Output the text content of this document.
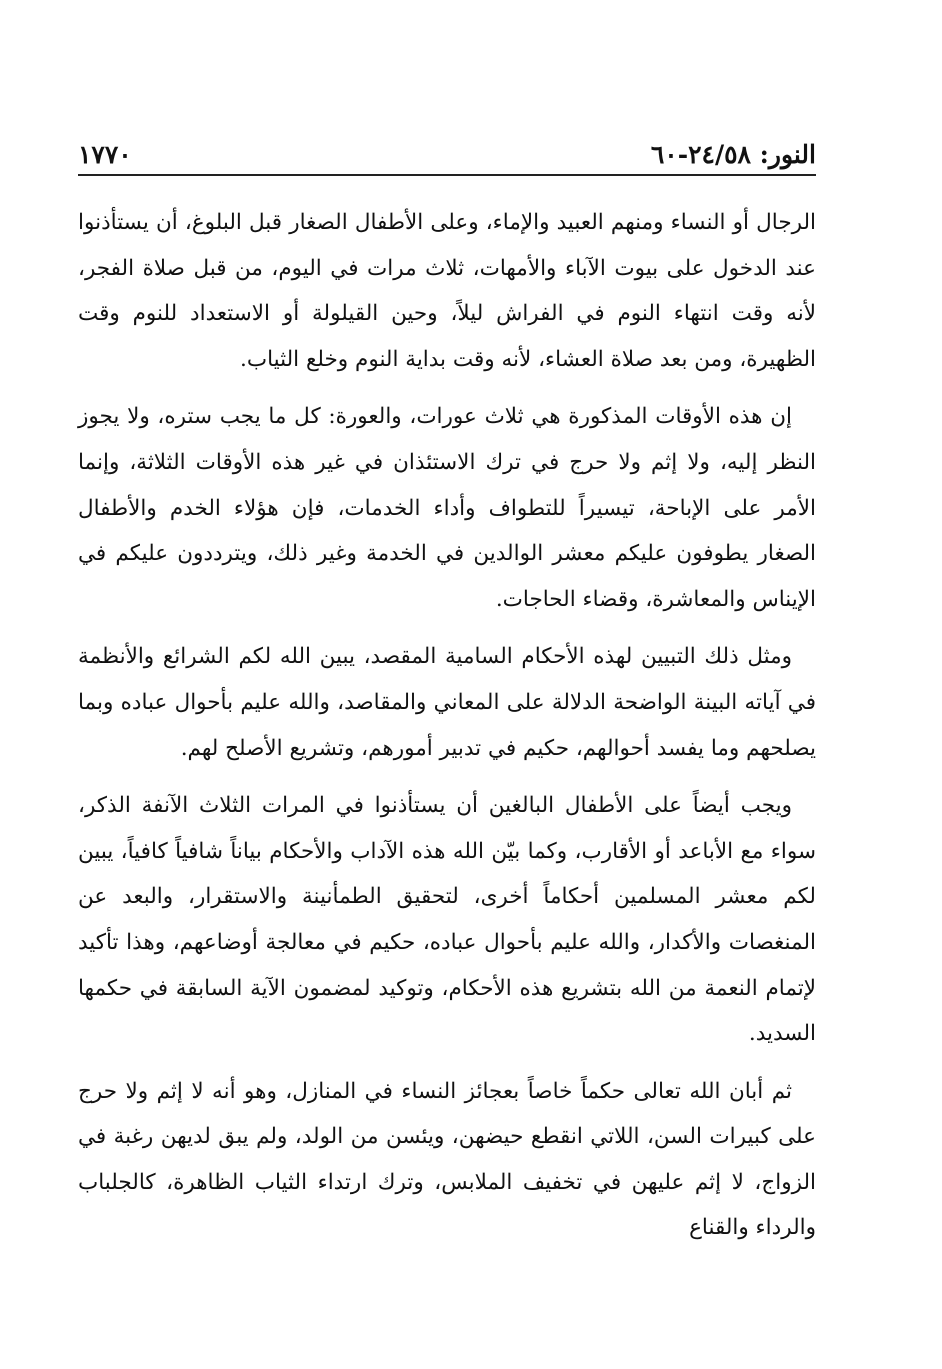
النور: ٢٤/٥٨-٦٠
١٧٧٠

الرجال أو النساء ومنهم العبيد والإماء، وعلى الأطفال الصغار قبل البلوغ، أن يستأذنوا عند الدخول على بيوت الآباء والأمهات، ثلاث مرات في اليوم، من قبل صلاة الفجر، لأنه وقت انتهاء النوم في الفراش ليلاً، وحين القيلولة أو الاستعداد للنوم وقت الظهيرة، ومن بعد صلاة العشاء، لأنه وقت بداية النوم وخلع الثياب.

إن هذه الأوقات المذكورة هي ثلاث عورات، والعورة: كل ما يجب ستره، ولا يجوز النظر إليه، ولا إثم ولا حرج في ترك الاستئذان في غير هذه الأوقات الثلاثة، وإنما الأمر على الإباحة، تيسيراً للتطواف وأداء الخدمات، فإن هؤلاء الخدم والأطفال الصغار يطوفون عليكم معشر الوالدين في الخدمة وغير ذلك، ويترددون عليكم في الإيناس والمعاشرة، وقضاء الحاجات.

ومثل ذلك التبيين لهذه الأحكام السامية المقصد، يبين الله لكم الشرائع والأنظمة في آياته البينة الواضحة الدلالة على المعاني والمقاصد، والله عليم بأحوال عباده وبما يصلحهم وما يفسد أحوالهم، حكيم في تدبير أمورهم، وتشريع الأصلح لهم.

ويجب أيضاً على الأطفال البالغين أن يستأذنوا في المرات الثلاث الآنفة الذكر، سواء مع الأباعد أو الأقارب، وكما بيّن الله هذه الآداب والأحكام بياناً شافياً كافياً، يبين لكم معشر المسلمين أحكاماً أخرى، لتحقيق الطمأنينة والاستقرار، والبعد عن المنغصات والأكدار، والله عليم بأحوال عباده، حكيم في معالجة أوضاعهم، وهذا تأكيد لإتمام النعمة من الله بتشريع هذه الأحكام، وتوكيد لمضمون الآية السابقة في حكمها السديد.

ثم أبان الله تعالى حكماً خاصاً بعجائز النساء في المنازل، وهو أنه لا إثم ولا حرج على كبيرات السن، اللاتي انقطع حيضهن، ويئسن من الولد، ولم يبق لديهن رغبة في الزواج، لا إثم عليهن في تخفيف الملابس، وترك ارتداء الثياب الظاهرة، كالجلباب والرداء والقناع
